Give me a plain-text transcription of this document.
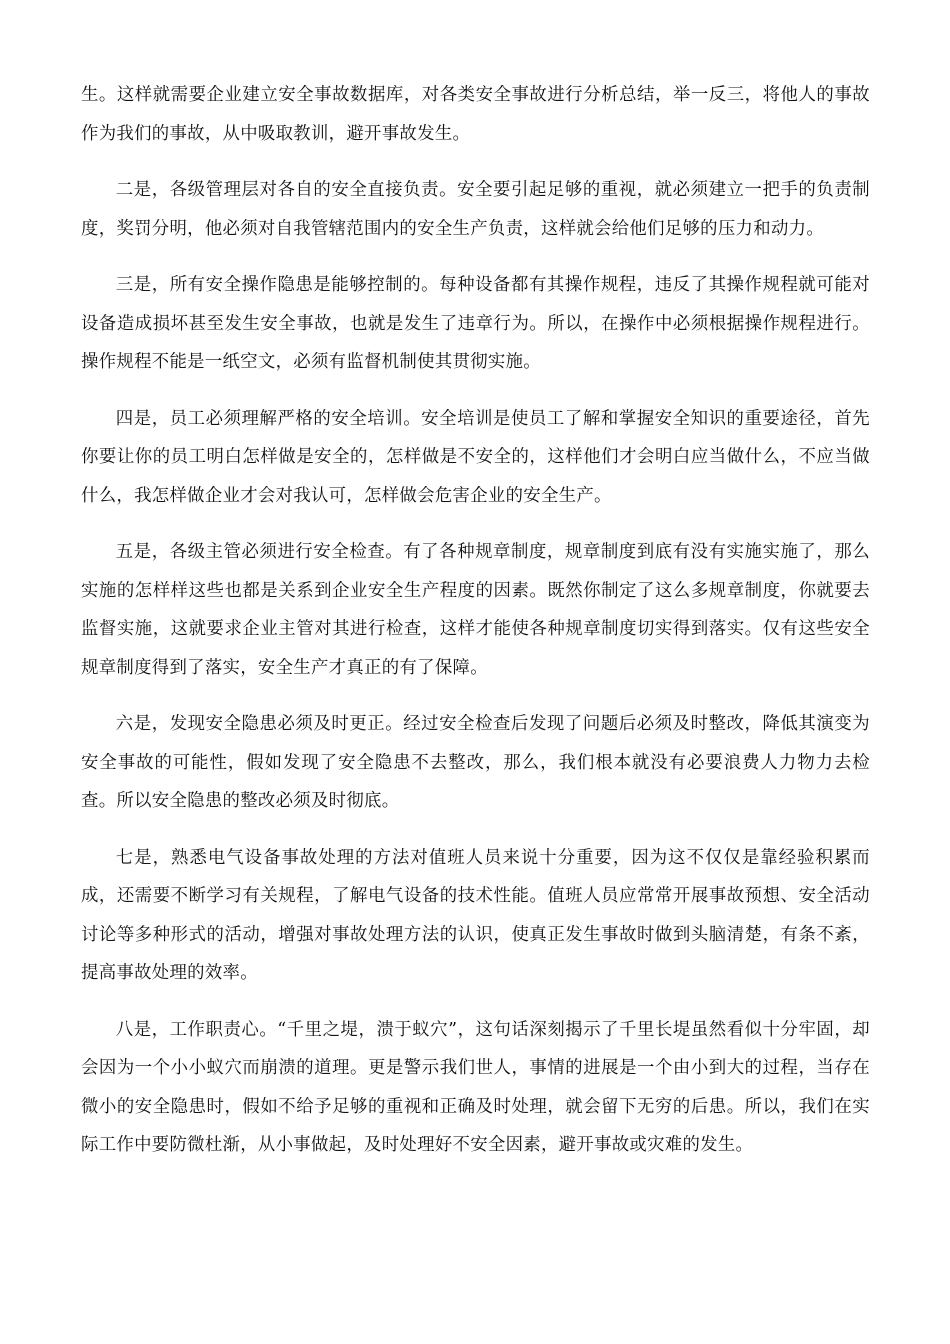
生。这样就需要企业建立安全事故数据库，对各类安全事故进行分析总结，举一反三，将他人的事故作为我们的事故，从中吸取教训，避开事故发生。

二是，各级管理层对各自的安全直接负责。安全要引起足够的重视，就必须建立一把手的负责制度，奖罚分明，他必须对自我管辖范围内的安全生产负责，这样就会给他们足够的压力和动力。

三是，所有安全操作隐患是能够控制的。每种设备都有其操作规程，违反了其操作规程就可能对设备造成损坏甚至发生安全事故，也就是发生了违章行为。所以，在操作中必须根据操作规程进行。操作规程不能是一纸空文，必须有监督机制使其贯彻实施。

四是，员工必须理解严格的安全培训。安全培训是使员工了解和掌握安全知识的重要途径，首先你要让你的员工明白怎样做是安全的，怎样做是不安全的，这样他们才会明白应当做什么，不应当做什么，我怎样做企业才会对我认可，怎样做会危害企业的安全生产。

五是，各级主管必须进行安全检查。有了各种规章制度，规章制度到底有没有实施实施了，那么实施的怎样样这些也都是关系到企业安全生产程度的因素。既然你制定了这么多规章制度，你就要去监督实施，这就要求企业主管对其进行检查，这样才能使各种规章制度切实得到落实。仅有这些安全规章制度得到了落实，安全生产才真正的有了保障。

六是，发现安全隐患必须及时更正。经过安全检查后发现了问题后必须及时整改，降低其演变为安全事故的可能性，假如发现了安全隐患不去整改，那么，我们根本就没有必要浪费人力物力去检查。所以安全隐患的整改必须及时彻底。

七是，熟悉电气设备事故处理的方法对值班人员来说十分重要，因为这不仅仅是靠经验积累而成，还需要不断学习有关规程，了解电气设备的技术性能。值班人员应常常开展事故预想、安全活动讨论等多种形式的活动，增强对事故处理方法的认识，使真正发生事故时做到头脑清楚，有条不紊，提高事故处理的效率。

八是，工作职责心。“千里之堤，溃于蚁穴”，这句话深刻揭示了千里长堤虽然看似十分牢固，却会因为一个小小蚁穴而崩溃的道理。更是警示我们世人，事情的进展是一个由小到大的过程，当存在微小的安全隐患时，假如不给予足够的重视和正确及时处理，就会留下无穷的后患。所以，我们在实际工作中要防微杜渐，从小事做起，及时处理好不安全因素，避开事故或灾难的发生。
